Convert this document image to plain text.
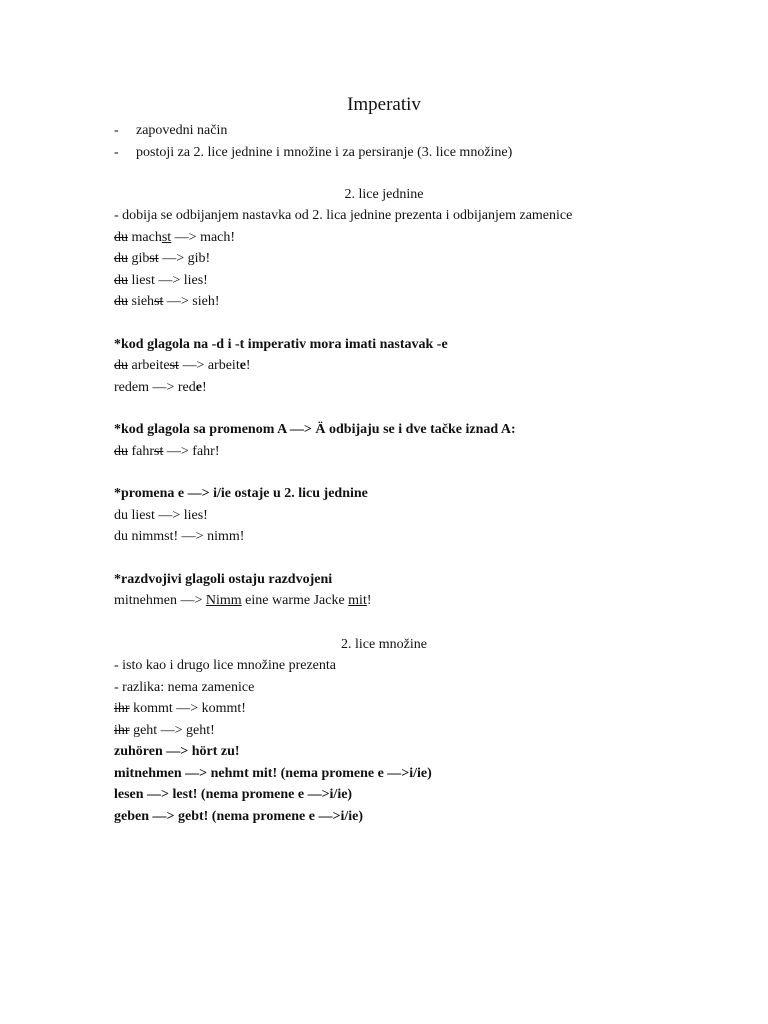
Imperativ
-	zapovedni način
-	postoji za 2. lice jednine i množine i za persiranje (3. lice množine)
2. lice jednine
- dobija se odbijanjem nastavka od 2. lica jednine prezenta i odbijanjem zamenice
du machst —> mach!
du gibst —> gib!
du liest —> lies!
du siehst —> sieh!
*kod glagola na -d i -t imperativ mora imati nastavak -e
du arbeitest —> arbeite!
redem —> rede!
*kod glagola sa promenom A —> Ä odbijaju se i dve tačke iznad A:
du fahrst —> fahr!
*promena e —> i/ie ostaje u 2. licu jednine
du liest —> lies!
du nimmst! —> nimm!
*razdvojivi glagoli ostaju razdvojeni
mitnehmen —> Nimm eine warme Jacke mit!
2. lice množine
- isto kao i drugo lice množine prezenta
- razlika: nema zamenice
ihr kommt —> kommt!
ihr geht —> geht!
zuhören —> hört zu!
mitnehmen —> nehmt mit! (nema promene e —>i/ie)
lesen —> lest! (nema promene e —>i/ie)
geben —> gebt! (nema promene e —>i/ie)
